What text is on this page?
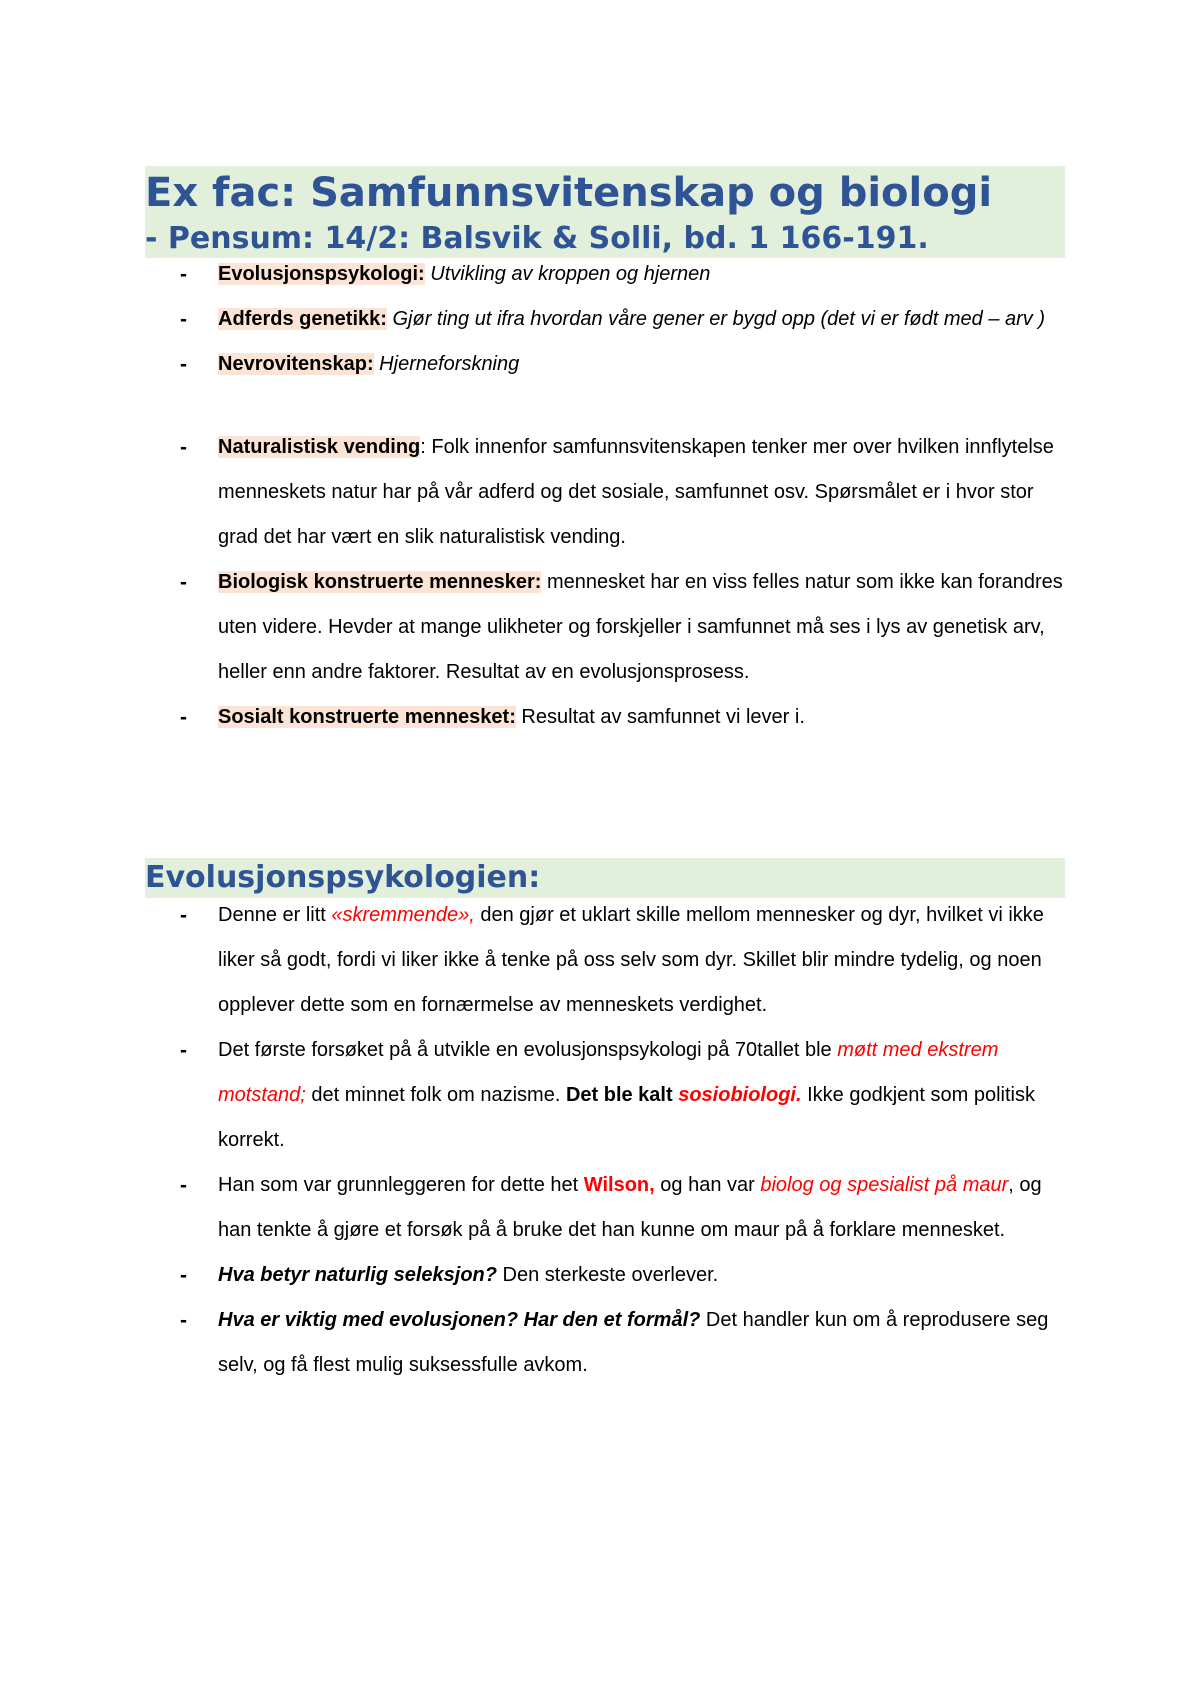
Ex fac: Samfunnsvitenskap og biologi
- Pensum: 14/2: Balsvik & Solli, bd. 1 166-191.
- Evolusjonspsykologi: Utvikling av kroppen og hjernen
- Adferds genetikk: Gjør ting ut ifra hvordan våre gener er bygd opp (det vi er født med – arv )
- Nevrovitenskap: Hjerneforskning
- Naturalistisk vending: Folk innenfor samfunnsvitenskapen tenker mer over hvilken innflytelse menneskets natur har på vår adferd og det sosiale, samfunnet osv. Spørsmålet er i hvor stor grad det har vært en slik naturalistisk vending.
- Biologisk konstruerte mennesker: mennesket har en viss felles natur som ikke kan forandres uten videre. Hevder at mange ulikheter og forskjeller i samfunnet må ses i lys av genetisk arv, heller enn andre faktorer. Resultat av en evolusjonsprosess.
- Sosialt konstruerte mennesket: Resultat av samfunnet vi lever i.
Evolusjonspsykologien:
- Denne er litt «skremmende», den gjør et uklart skille mellom mennesker og dyr, hvilket vi ikke liker så godt, fordi vi liker ikke å tenke på oss selv som dyr. Skillet blir mindre tydelig, og noen opplever dette som en fornærmelse av menneskets verdighet.
- Det første forsøket på å utvikle en evolusjonspsykologi på 70tallet ble møtt med ekstrem motstand; det minnet folk om nazisme. Det ble kalt sosiobiologi. Ikke godkjent som politisk korrekt.
- Han som var grunnleggeren for dette het Wilson, og han var biolog og spesialist på maur, og han tenkte å gjøre et forsøk på å bruke det han kunne om maur på å forklare mennesket.
- Hva betyr naturlig seleksjon? Den sterkeste overlever.
- Hva er viktig med evolusjonen? Har den et formål? Det handler kun om å reprodusere seg selv, og få flest mulig suksessfulle avkom.
